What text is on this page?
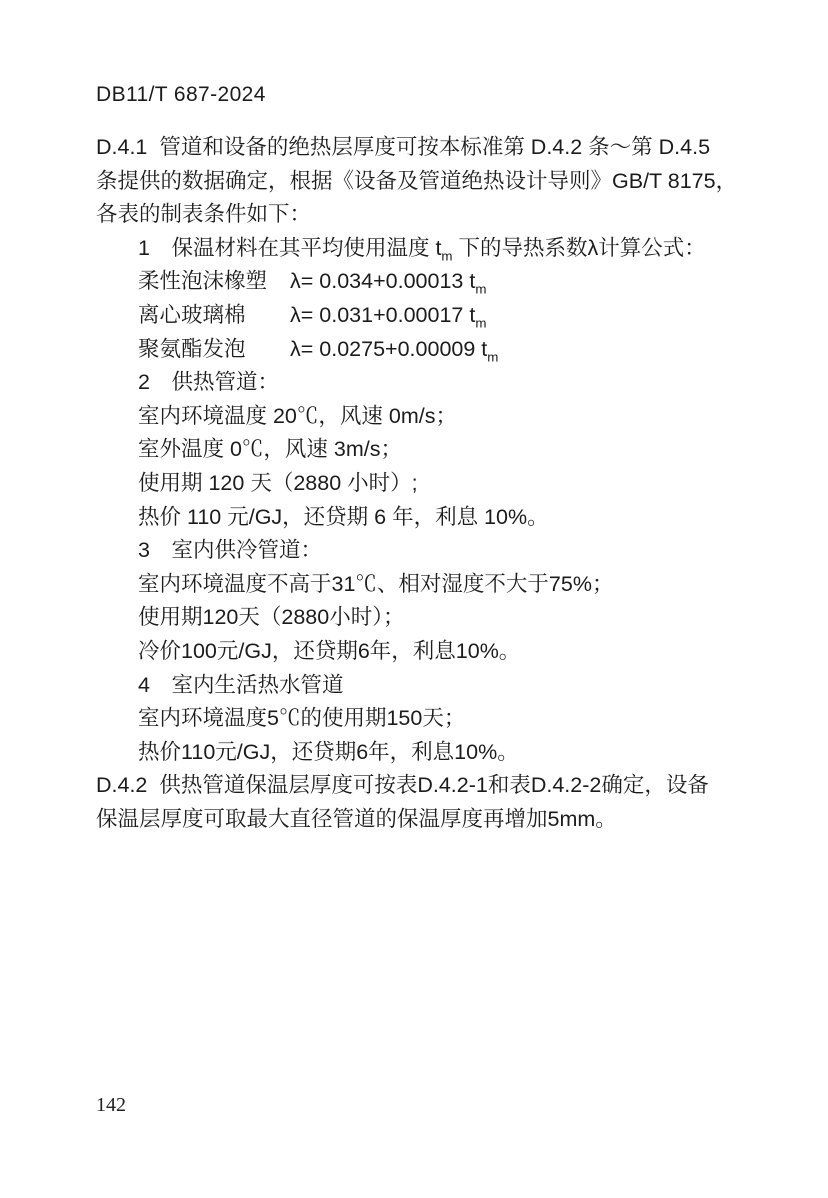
DB11/T 687-2024
D.4.1  管道和设备的绝热层厚度可按本标准第 D.4.2 条～第 D.4.5
条提供的数据确定，根据《设备及管道绝热设计导则》GB/T 8175，
各表的制表条件如下：
1　保温材料在其平均使用温度 $t_m$ 下的导热系数λ计算公式：
柔性泡沫橡塑 λ= 0.034+0.00013 $t_m$
离心玻璃棉 λ= 0.031+0.00017 $t_m$
聚氨酯发泡 λ= 0.0275+0.00009 $t_m$
2　供热管道：
室内环境温度 20℃，风速 0m/s；
室外温度 0℃，风速 3m/s；
使用期 120 天（2880 小时）;
热价 110 元/GJ，还贷期 6 年，利息 10%。
3　室内供冷管道：
室内环境温度不高于31℃、相对湿度不大于75%；
使用期120天（2880小时）；
冷价100元/GJ，还贷期6年，利息10%。
4　室内生活热水管道
室内环境温度5℃的使用期150天；
热价110元/GJ，还贷期6年，利息10%。
D.4.2  供热管道保温层厚度可按表D.4.2-1和表D.4.2-2确定，设备
保温层厚度可取最大直径管道的保温厚度再增加5mm。
142
